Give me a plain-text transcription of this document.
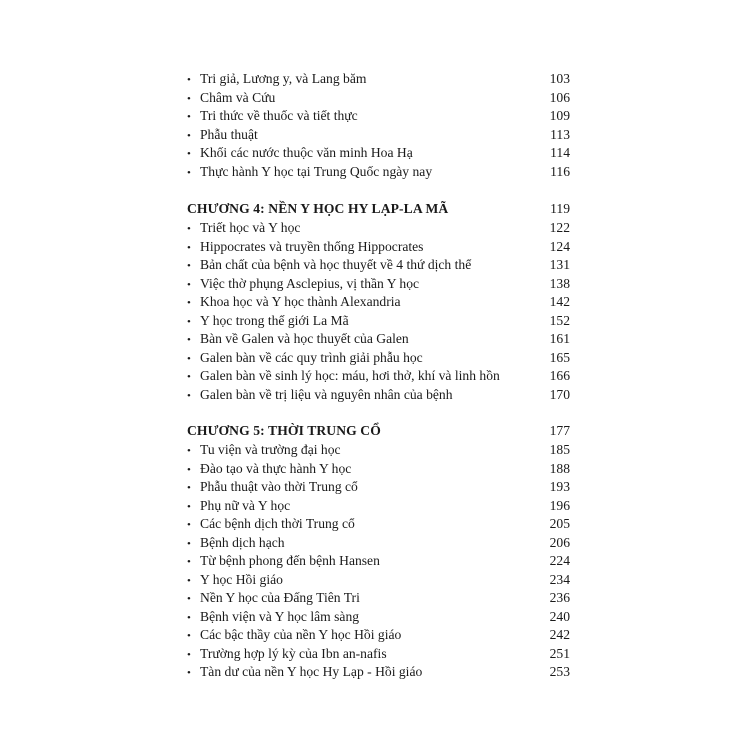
• Tri giả, Lương y, và Lang băm	103
• Châm và Cứu	106
• Tri thức về thuốc và tiết thực	109
• Phẫu thuật	113
• Khối các nước thuộc văn minh Hoa Hạ	114
• Thực hành Y học tại Trung Quốc ngày nay	116
CHƯƠNG 4: NỀN Y HỌC HY LẠP-LA MÃ	119
• Triết học và Y học	122
• Hippocrates và truyền thống Hippocrates	124
• Bản chất của bệnh và học thuyết về 4 thứ dịch thể	131
• Việc thờ phụng Asclepius, vị thần Y học	138
• Khoa học và Y học thành Alexandria	142
• Y học trong thế giới La Mã	152
• Bàn về Galen và học thuyết của Galen	161
• Galen bàn về các quy trình giải phẫu học	165
• Galen bàn về sinh lý học: máu, hơi thở, khí và linh hồn	166
• Galen bàn về trị liệu và nguyên nhân của bệnh	170
CHƯƠNG 5: THỜI TRUNG CỔ	177
• Tu viện và trường đại học	185
• Đào tạo và thực hành Y học	188
• Phẫu thuật vào thời Trung cổ	193
• Phụ nữ và Y học	196
• Các bệnh dịch thời Trung cổ	205
• Bệnh dịch hạch	206
• Từ bệnh phong đến bệnh Hansen	224
• Y học Hồi giáo	234
• Nền Y học của Đấng Tiên Tri	236
• Bệnh viện và Y học lâm sàng	240
• Các bậc thầy của nền Y học Hồi giáo	242
• Trường hợp lý kỳ của Ibn an-nafis	251
• Tàn dư của nền Y học Hy Lạp - Hồi giáo	253
